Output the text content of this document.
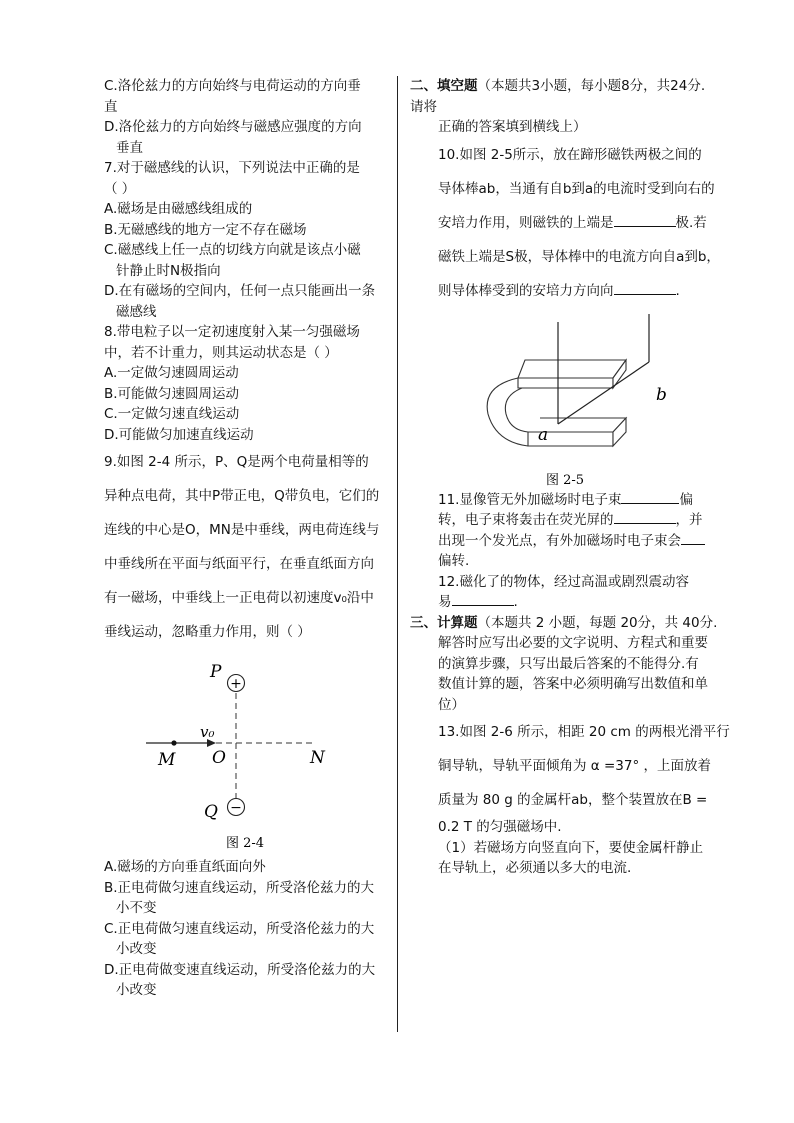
C.洛伦兹力的方向始终与电荷运动的方向垂
直
D.洛伦兹力的方向始终与磁感应强度的方向
垂直
7.对于磁感线的认识，下列说法中正确的是
（ ）
A.磁场是由磁感线组成的
B.无磁感线的地方一定不存在磁场
C.磁感线上任一点的切线方向就是该点小磁
针静止时N极指向
D.在有磁场的空间内，任何一点只能画出一条
磁感线
8.带电粒子以一定初速度射入某一匀强磁场
中，若不计重力，则其运动状态是（ ）
A.一定做匀速圆周运动
B.可能做匀速圆周运动
C.一定做匀速直线运动
D.可能做匀加速直线运动
9.如图 2-4 所示，P、Q是两个电荷量相等的
异种点电荷，其中P带正电，Q带负电，它们的
连线的中心是O，MN是中垂线，两电荷连线与
中垂线所在平面与纸面平行，在垂直纸面方向
有一磁场，中垂线上一正电荷以初速度v₀沿中
垂线运动，忽略重力作用，则（ ）
+
−
P
Q
M O	N
v₀
图 2-4
A.磁场的方向垂直纸面向外
B.正电荷做匀速直线运动，所受洛伦兹力的大
小不变
C.正电荷做匀速直线运动，所受洛伦兹力的大
小改变
D.正电荷做变速直线运动，所受洛伦兹力的大
小改变
二、填空题（本题共3小题，每小题8分，共24分.
请将
正确的答案填到横线上）
10.如图 2-5所示，放在蹄形磁铁两极之间的
导体棒ab，当通有自b到a的电流时受到向右的
安培力作用，则磁铁的上端是	极.若
磁铁上端是S极，导体棒中的电流方向自a到b，
则导体棒受到的安培力方向向	.
a
b
图 2-5
11.显像管无外加磁场时电子束	偏
转，电子束将轰击在荧光屏的	，并
出现一个发光点，有外加磁场时电子束会
偏转.
12.磁化了的物体，经过高温或剧烈震动容
易	.
三、计算题（本题共 2 小题，每题 20分，共 40分.
解答时应写出必要的文字说明、方程式和重要
的演算步骤，只写出最后答案的不能得分.有
数值计算的题，答案中必须明确写出数值和单
位）
13.如图 2-6 所示，相距 20 cm 的两根光滑平行
铜导轨，导轨平面倾角为 α =37° ，上面放着
质量为 80 g 的金属杆ab，整个装置放在B =
0.2 T 的匀强磁场中.
（1）若磁场方向竖直向下，要使金属杆静止
在导轨上，必须通以多大的电流.
